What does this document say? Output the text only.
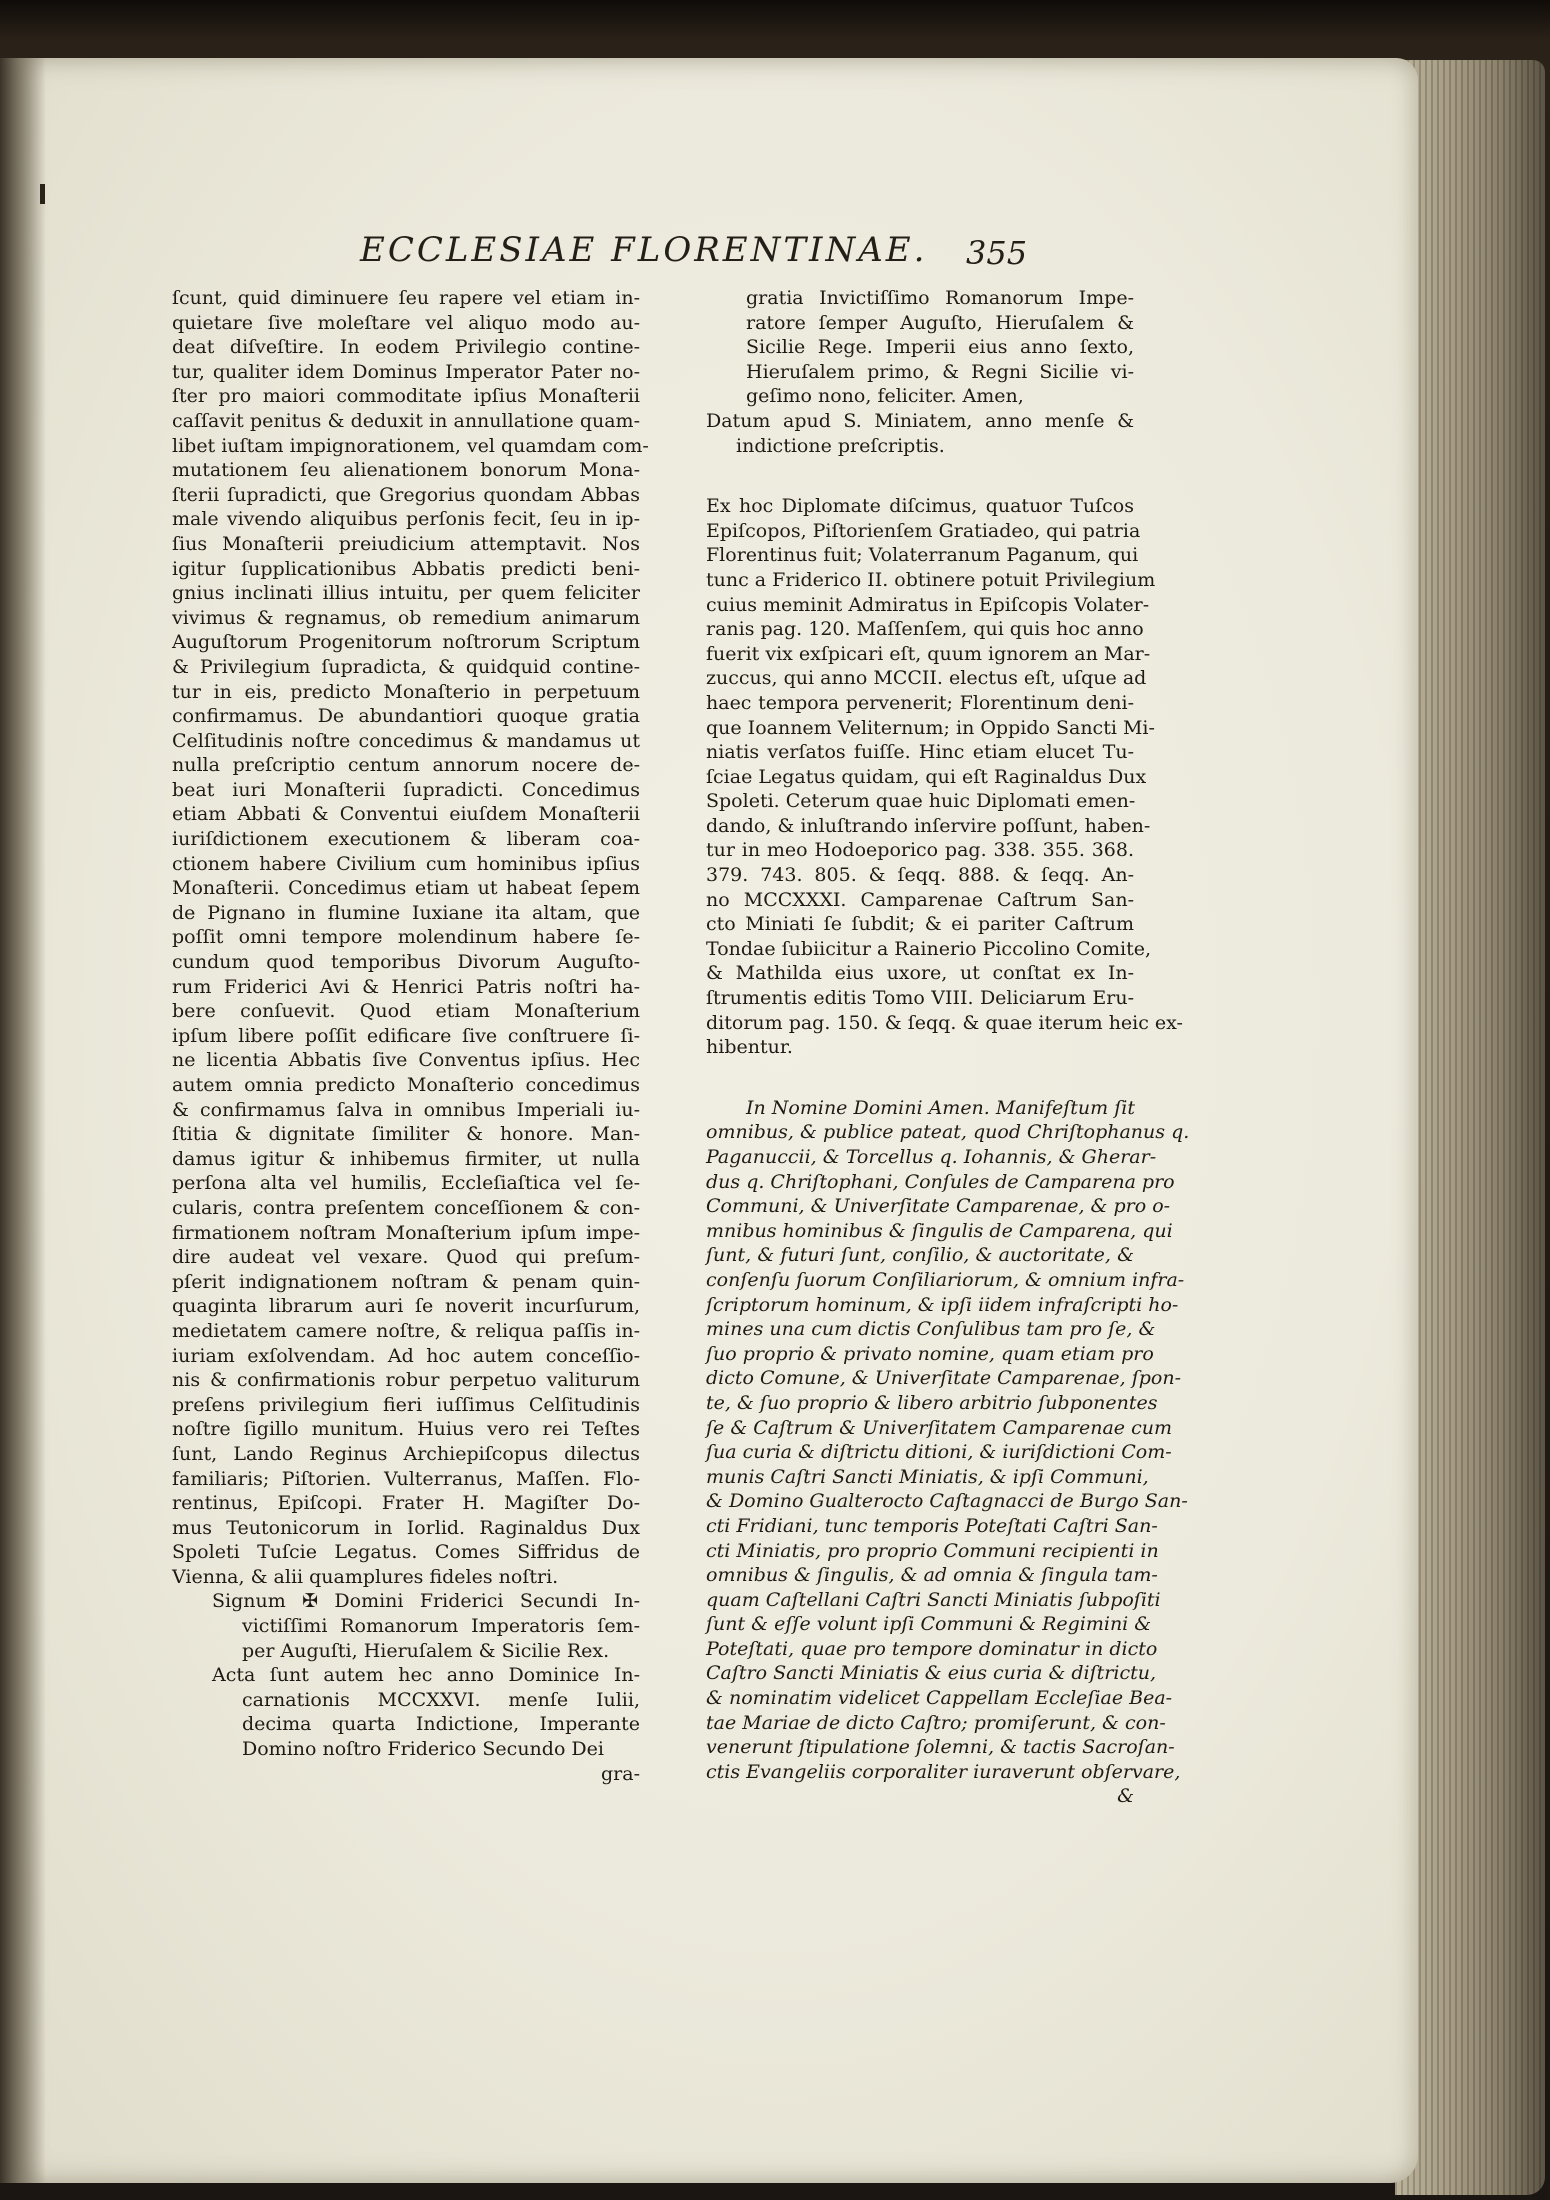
ECCLESIAE FLORENTINAE.	355
ſcunt, quid diminuere ſeu rapere vel etiam in-
quietare ſive moleſtare vel aliquo modo au-
deat diſveſtire. In eodem Privilegio contine-
tur, qualiter idem Dominus Imperator Pater no-
ſter pro maiori commoditate ipſius Monaſterii
caſſavit penitus & deduxit in annullatione quam-
libet iuſtam impignorationem, vel quamdam com-
mutationem ſeu alienationem bonorum Mona-
ſterii ſupradicti, que Gregorius quondam Abbas
male vivendo aliquibus perſonis fecit, ſeu in ip-
ſius Monaſterii preiudicium attemptavit. Nos
igitur ſupplicationibus Abbatis predicti beni-
gnius inclinati illius intuitu, per quem feliciter
vivimus & regnamus, ob remedium animarum
Auguſtorum Progenitorum noſtrorum Scriptum
& Privilegium ſupradicta, & quidquid contine-
tur in eis, predicto Monaſterio in perpetuum
confirmamus. De abundantiori quoque gratia
Celſitudinis noſtre concedimus & mandamus ut
nulla preſcriptio centum annorum nocere de-
beat iuri Monaſterii ſupradicti. Concedimus
etiam Abbati & Conventui eiuſdem Monaſterii
iuriſdictionem executionem & liberam coa-
ctionem habere Civilium cum hominibus ipſius
Monaſterii. Concedimus etiam ut habeat ſepem
de Pignano in flumine Iuxiane ita altam, que
poſſit omni tempore molendinum habere ſe-
cundum quod temporibus Divorum Auguſto-
rum Friderici Avi & Henrici Patris noſtri ha-
bere conſuevit. Quod etiam Monaſterium
ipſum libere poſſit edificare ſive conſtruere ſi-
ne licentia Abbatis ſive Conventus ipſius. Hec
autem omnia predicto Monaſterio concedimus
& confirmamus ſalva in omnibus Imperiali iu-
ſtitia & dignitate ſimiliter & honore. Man-
damus igitur & inhibemus firmiter, ut nulla
perſona alta vel humilis, Eccleſiaſtica vel ſe-
cularis, contra preſentem conceſſionem & con-
firmationem noſtram Monaſterium ipſum impe-
dire audeat vel vexare. Quod qui preſum-
pſerit indignationem noſtram & penam quin-
quaginta librarum auri ſe noverit incurſurum,
medietatem camere noſtre, & reliqua paſſis in-
iuriam exſolvendam. Ad hoc autem conceſſio-
nis & confirmationis robur perpetuo valiturum
preſens privilegium fieri iuſſimus Celſitudinis
noſtre ſigillo munitum. Huius vero rei Teſtes
ſunt, Lando Reginus Archiepiſcopus dilectus
familiaris; Piſtorien. Vulterranus, Maſſen. Flo-
rentinus, Epiſcopi. Frater H. Magiſter Do-
mus Teutonicorum in Iorlid. Raginaldus Dux
Spoleti Tuſcie Legatus. Comes Siffridus de
Vienna, & alii quamplures fideles noſtri.
Signum ✠ Domini Friderici Secundi In-
victiſſimi Romanorum Imperatoris ſem-
per Auguſti, Hieruſalem & Sicilie Rex.
Acta ſunt autem hec anno Dominice In-
carnationis MCCXXVI. menſe Iulii,
decima quarta Indictione, Imperante
Domino noſtro Friderico Secundo Dei
gra-
gratia Invictiſſimo Romanorum Impe-
ratore ſemper Auguſto, Hieruſalem &
Sicilie Rege. Imperii eius anno ſexto,
Hieruſalem primo, & Regni Sicilie vi-
geſimo nono, feliciter. Amen,
Datum apud S. Miniatem, anno menſe &
indictione preſcriptis.
Ex hoc Diplomate diſcimus, quatuor Tuſcos
Epiſcopos, Piſtorienſem Gratiadeo, qui patria
Florentinus fuit; Volaterranum Paganum, qui
tunc a Friderico II. obtinere potuit Privilegium
cuius meminit Admiratus in Epiſcopis Volater-
ranis pag. 120. Maſſenſem, qui quis hoc anno
fuerit vix exſpicari eſt, quum ignorem an Mar-
zuccus, qui anno MCCII. electus eſt, uſque ad
haec tempora pervenerit; Florentinum deni-
que Ioannem Veliternum; in Oppido Sancti Mi-
niatis verſatos fuiſſe. Hinc etiam elucet Tu-
ſciae Legatus quidam, qui eſt Raginaldus Dux
Spoleti. Ceterum quae huic Diplomati emen-
dando, & inluſtrando inſervire poſſunt, haben-
tur in meo Hodoeporico pag. 338. 355. 368.
379. 743. 805. & ſeqq. 888. & ſeqq. An-
no MCCXXXI. Camparenae Caſtrum San-
cto Miniati ſe ſubdit; & ei pariter Caſtrum
Tondae ſubiicitur a Rainerio Piccolino Comite,
& Mathilda eius uxore, ut conſtat ex In-
ſtrumentis editis Tomo VIII. Deliciarum Eru-
ditorum pag. 150. & ſeqq. & quae iterum heic ex-
hibentur.
In Nomine Domini Amen. Manifeſtum ſit
omnibus, & publice pateat, quod Chriſtophanus q.
Paganuccii, & Torcellus q. Iohannis, & Gherar-
dus q. Chriſtophani, Conſules de Camparena pro
Communi, & Univerſitate Camparenae, & pro o-
mnibus hominibus & ſingulis de Camparena, qui
ſunt, & futuri ſunt, conſilio, & auctoritate, &
conſenſu ſuorum Conſiliariorum, & omnium infra-
ſcriptorum hominum, & ipſi iidem infraſcripti ho-
mines una cum dictis Conſulibus tam pro ſe, &
ſuo proprio & privato nomine, quam etiam pro
dicto Comune, & Univerſitate Camparenae, ſpon-
te, & ſuo proprio & libero arbitrio ſubponentes
ſe & Caſtrum & Univerſitatem Camparenae cum
ſua curia & diſtrictu ditioni, & iuriſdictioni Com-
munis Caſtri Sancti Miniatis, & ipſi Communi,
& Domino Gualterocto Caſtagnacci de Burgo San-
cti Fridiani, tunc temporis Poteſtati Caſtri San-
cti Miniatis, pro proprio Communi recipienti in
omnibus & ſingulis, & ad omnia & ſingula tam-
quam Caſtellani Caſtri Sancti Miniatis ſubpoſiti
ſunt & eſſe volunt ipſi Communi & Regimini &
Poteſtati, quae pro tempore dominatur in dicto
Caſtro Sancti Miniatis & eius curia & diſtrictu,
& nominatim videlicet Cappellam Eccleſiae Bea-
tae Mariae de dicto Caſtro; promiſerunt, & con-
venerunt ſtipulatione ſolemni, & tactis Sacroſan-
ctis Evangeliis corporaliter iuraverunt obſervare,
&
